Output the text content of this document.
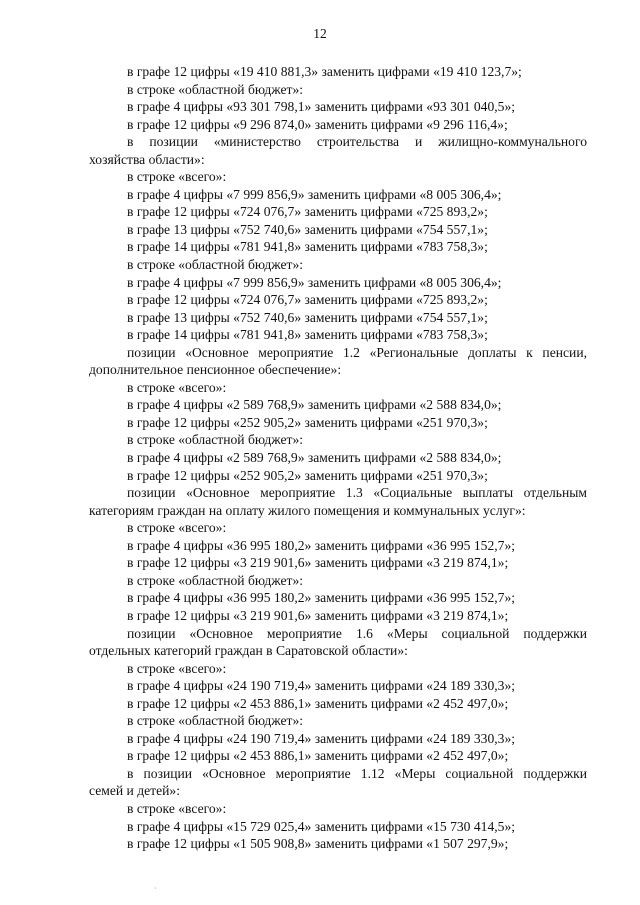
12
в графе 12 цифры «19 410 881,3» заменить цифрами «19 410 123,7»;
в строке «областной бюджет»:
в графе 4 цифры «93 301 798,1» заменить цифрами «93 301 040,5»;
в графе 12 цифры «9 296 874,0» заменить цифрами «9 296 116,4»;
в позиции «министерство строительства и жилищно-коммунального
хозяйства области»:
в строке «всего»:
в графе 4 цифры «7 999 856,9» заменить цифрами «8 005 306,4»;
в графе 12 цифры «724 076,7» заменить цифрами «725 893,2»;
в графе 13 цифры «752 740,6» заменить цифрами «754 557,1»;
в графе 14 цифры «781 941,8» заменить цифрами «783 758,3»;
в строке «областной бюджет»:
в графе 4 цифры «7 999 856,9» заменить цифрами «8 005 306,4»;
в графе 12 цифры «724 076,7» заменить цифрами «725 893,2»;
в графе 13 цифры «752 740,6» заменить цифрами «754 557,1»;
в графе 14 цифры «781 941,8» заменить цифрами «783 758,3»;
позиции «Основное мероприятие 1.2 «Региональные доплаты к пенсии,
дополнительное пенсионное обеспечение»:
в строке «всего»:
в графе 4 цифры «2 589 768,9» заменить цифрами «2 588 834,0»;
в графе 12 цифры «252 905,2» заменить цифрами «251 970,3»;
в строке «областной бюджет»:
в графе 4 цифры «2 589 768,9» заменить цифрами «2 588 834,0»;
в графе 12 цифры «252 905,2» заменить цифрами «251 970,3»;
позиции «Основное мероприятие 1.3 «Социальные выплаты отдельным
категориям граждан на оплату жилого помещения и коммунальных услуг»:
в строке «всего»:
в графе 4 цифры «36 995 180,2» заменить цифрами «36 995 152,7»;
в графе 12 цифры «3 219 901,6» заменить цифрами «3 219 874,1»;
в строке «областной бюджет»:
в графе 4 цифры «36 995 180,2» заменить цифрами «36 995 152,7»;
в графе 12 цифры «3 219 901,6» заменить цифрами «3 219 874,1»;
позиции «Основное мероприятие 1.6 «Меры социальной поддержки
отдельных категорий граждан в Саратовской области»:
в строке «всего»:
в графе 4 цифры «24 190 719,4» заменить цифрами «24 189 330,3»;
в графе 12 цифры «2 453 886,1» заменить цифрами «2 452 497,0»;
в строке «областной бюджет»:
в графе 4 цифры «24 190 719,4» заменить цифрами «24 189 330,3»;
в графе 12 цифры «2 453 886,1» заменить цифрами «2 452 497,0»;
в позиции «Основное мероприятие 1.12 «Меры социальной поддержки
семей и детей»:
в строке «всего»:
в графе 4 цифры «15 729 025,4» заменить цифрами «15 730 414,5»;
в графе 12 цифры «1 505 908,8» заменить цифрами «1 507 297,9»;
·
